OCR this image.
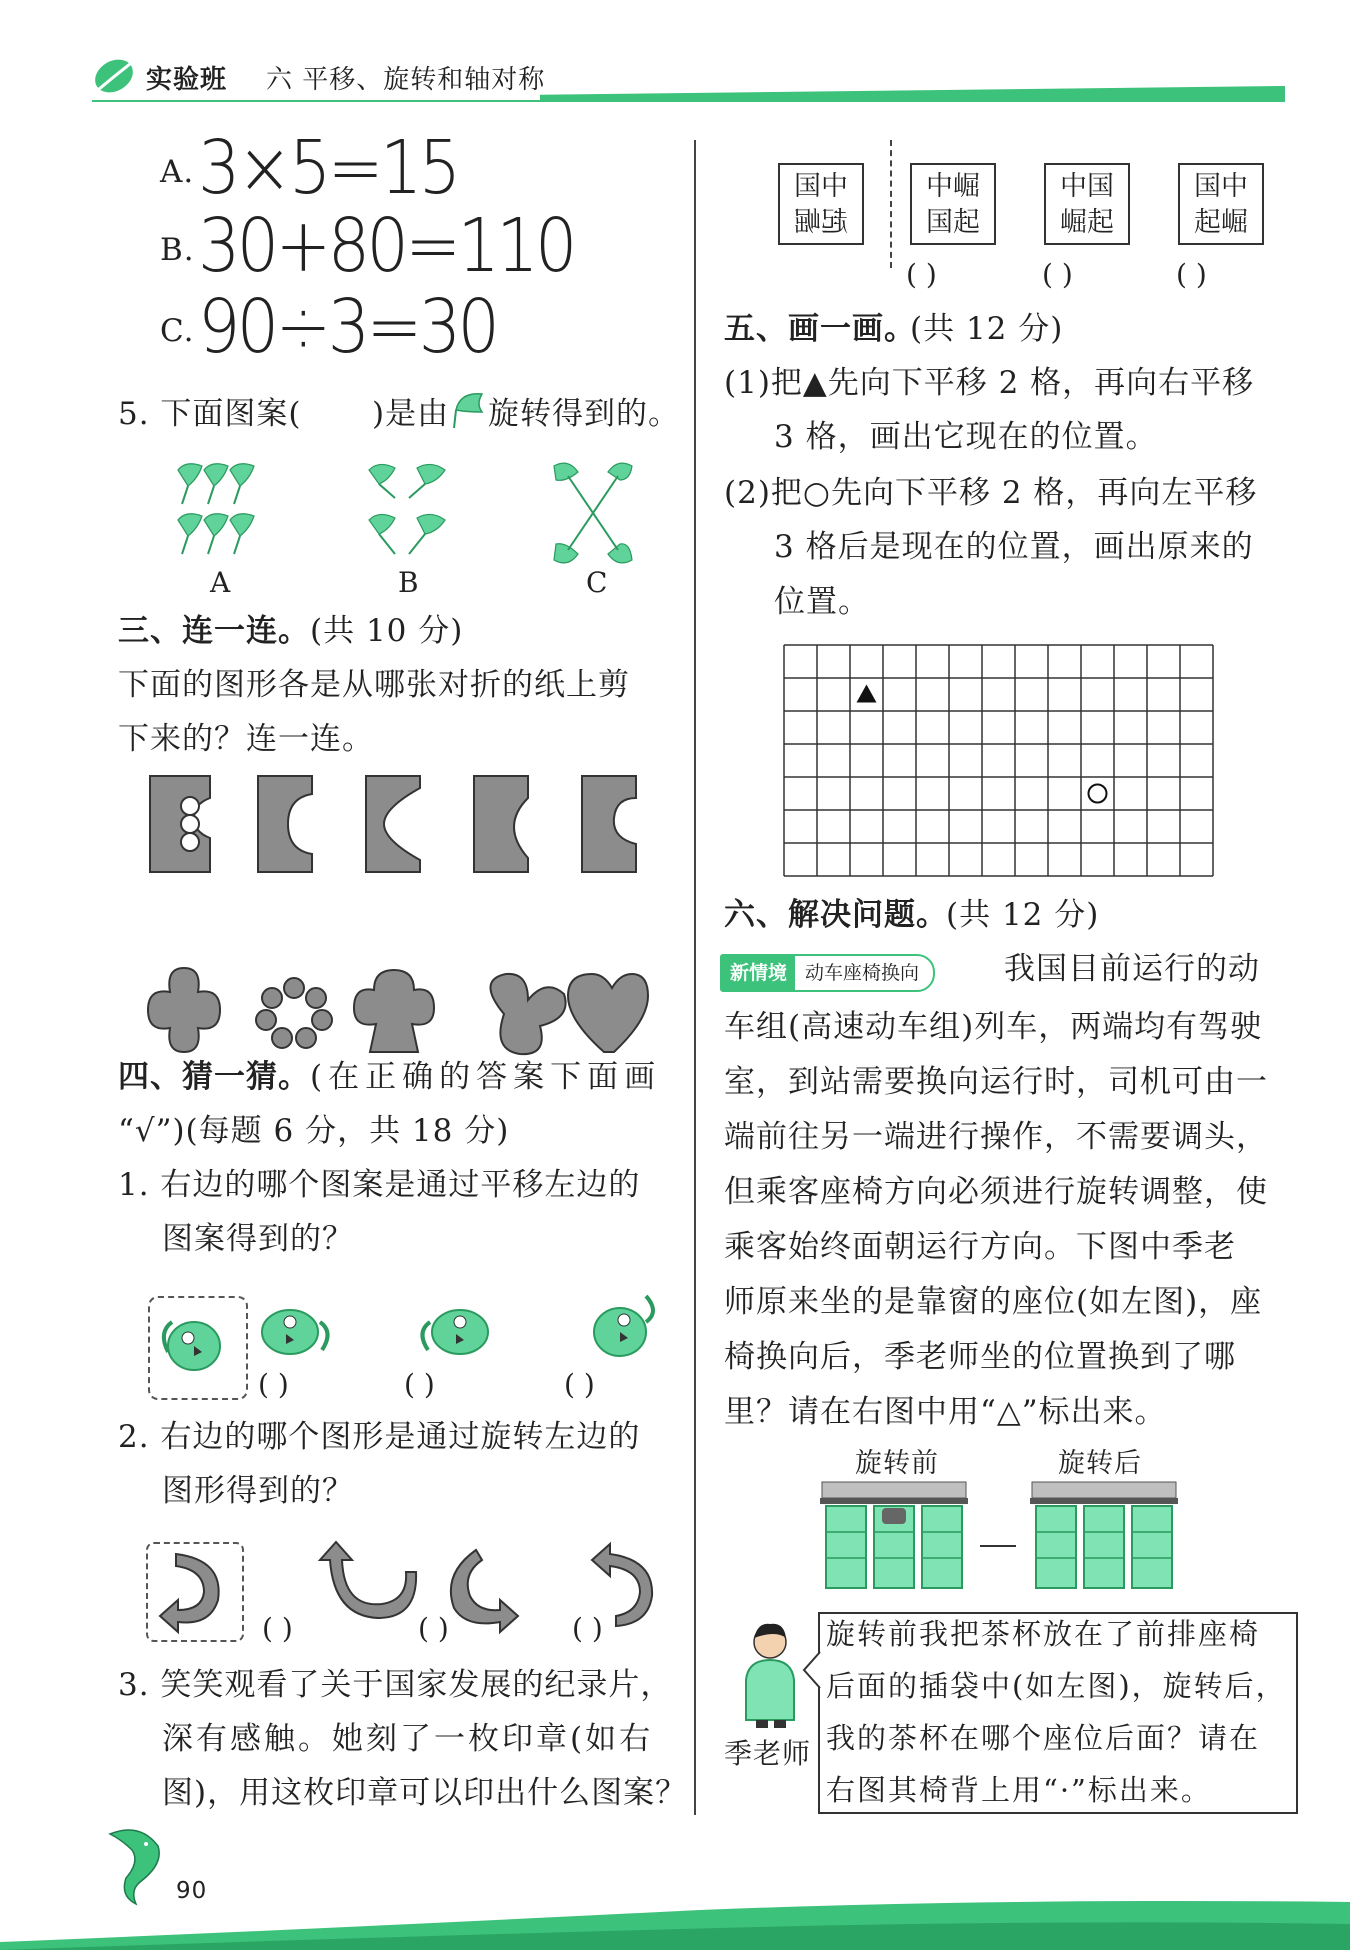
实验班 六 平移、旋转和轴对称
A. 3×5=15
B. 30+80=110
C. 90÷3=30
5. 下面图案( )是由 旋转得到的。
A	B	C
三、连一连。 (共 10 分)
下面的图形各是从哪张对折的纸上剪
下来的？连一连。
四、猜一猜。 (在正确的答案下面画
“√”)(每题 6 分，共 18 分)
1. 右边的哪个图案是通过平移左边的
图案得到的？
( )	( )	( )
2. 右边的哪个图形是通过旋转左边的
图形得到的？
( )	( )	( )
3. 笑笑观看了关于国家发展的纪录片，
深有感触。她刻了一枚印章(如右
图)，用这枚印章可以印出什么图案？
国中
起崛
中崛
国起
中国
崛起
国中
起崛
( )	( )	( )
五、画一画。
(共 12 分)
(1)把▲先向下平移 2 格，再向右平移
3 格，画出它现在的位置。
(2)把○先向下平移 2 格，再向左平移
3 格后是现在的位置，画出原来的
位置。
六、解决问题。
(共 12 分)
新情境 动车座椅换向	我国目前运行的动
车组(高速动车组)列车，两端均有驾驶
室，到站需要换向运行时，司机可由一
端前往另一端进行操作，不需要调头，
但乘客座椅方向必须进行旋转调整，使
乘客始终面朝运行方向。下图中季老
师原来坐的是靠窗的座位(如左图)，座
椅换向后，季老师坐的位置换到了哪
里？请在右图中用“△”标出来。
旋转前	旋转后
季老师
旋转前我把茶杯放在了前排座椅
后面的插袋中(如左图)，旋转后，
我的茶杯在哪个座位后面？请在
右图其椅背上用“·”标出来。
90
